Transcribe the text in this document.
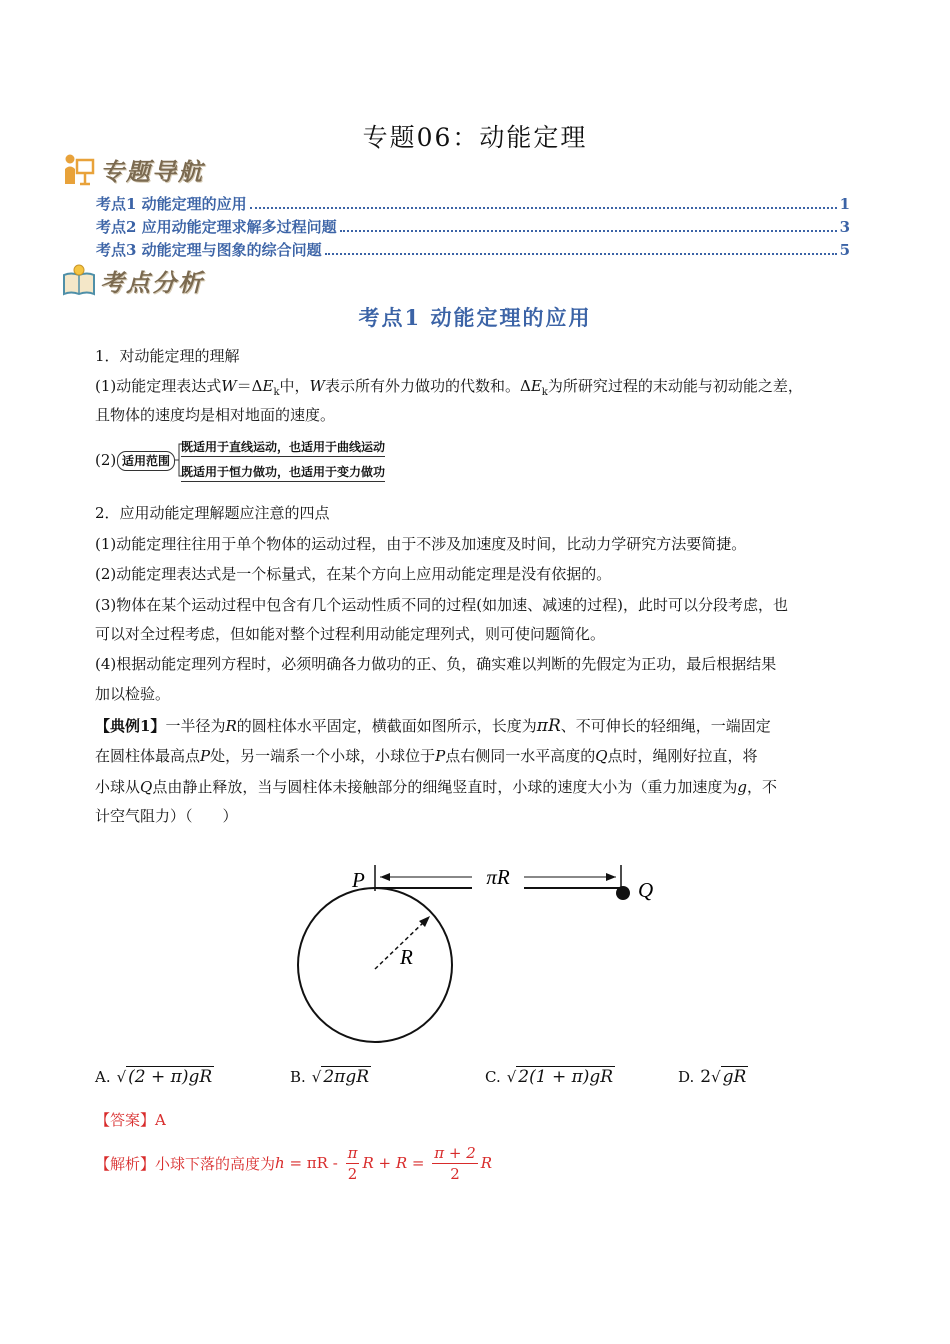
专题06：动能定理
专题导航
考点1 动能定理的应用	1
考点2 应用动能定理求解多过程问题	3
考点3 动能定理与图象的综合问题	5
考点分析
考点1 动能定理的应用
1．对动能定理的理解
(1)动能定理表达式$W=\Delta E_k$中，W表示所有外力做功的代数和。$\Delta E_k$为所研究过程的末动能与初动能之差，
且物体的速度均是相对地面的速度。
(2) 适用范围
既适用于直线运动，也适用于曲线运动
既适用于恒力做功，也适用于变力做功
2．应用动能定理解题应注意的四点
(1)动能定理往往用于单个物体的运动过程，由于不涉及加速度及时间，比动力学研究方法要简捷。
(2)动能定理表达式是一个标量式，在某个方向上应用动能定理是没有依据的。
(3)物体在某个运动过程中包含有几个运动性质不同的过程(如加速、减速的过程)，此时可以分段考虑，也
可以对全过程考虑，但如能对整个过程利用动能定理列式，则可使问题简化。
(4)根据动能定理列方程时，必须明确各力做功的正、负，确实难以判断的先假定为正功，最后根据结果
加以检验。
【典例1】一半径为R的圆柱体水平固定，横截面如图所示，长度为πR、不可伸长的轻细绳，一端固定
在圆柱体最高点P处，另一端系一个小球，小球位于P点右侧同一水平高度的Q点时，绳刚好拉直，将
小球从Q点由静止释放，当与圆柱体未接触部分的细绳竖直时，小球的速度大小为（重力加速度为g，不
计空气阻力）（　　）
πR
P	Q
R
A. √ (2 + π)gR	B. √ 2πgR	C. √ 2(1 + π)gR	D. 2 √ gR
【答案】A
【解析】 小球下落的高度为 $h = \pi R - \frac{\pi}{2}$ $R + R = \frac{\pi + 2}{2}$ R
